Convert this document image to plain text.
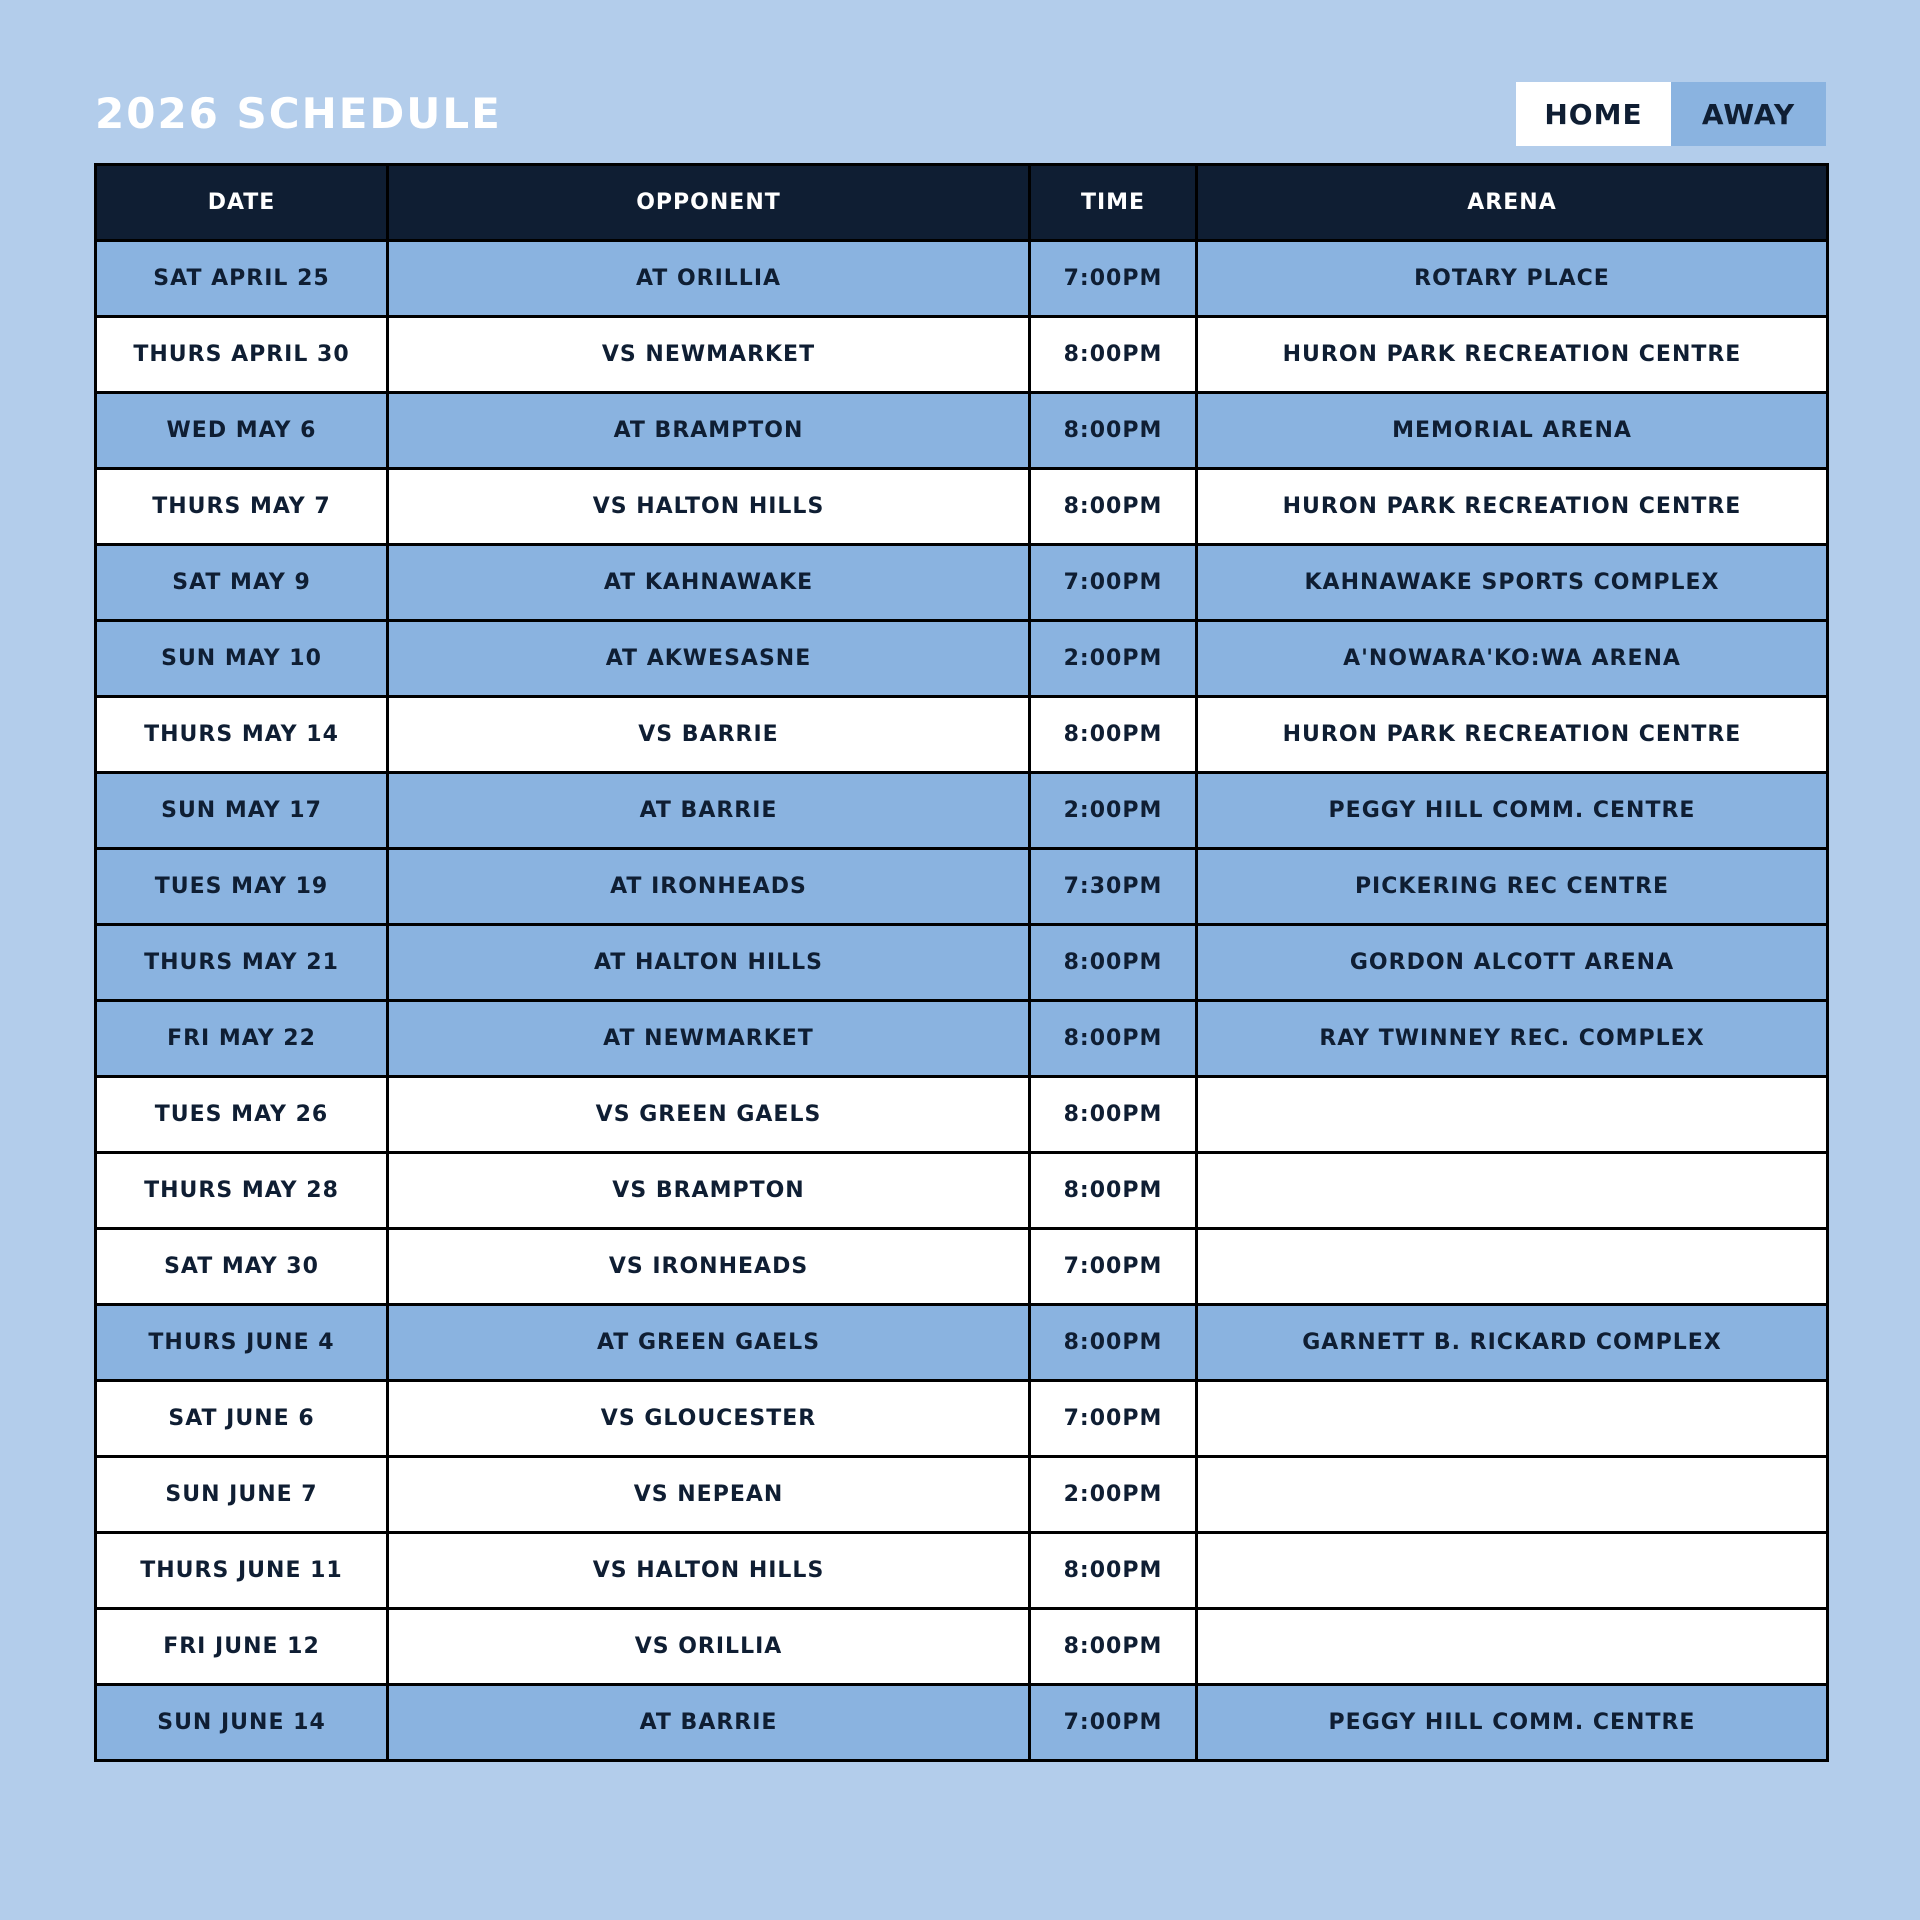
2026 SCHEDULE	HOME	AWAY
DATE	OPPONENT	TIME	ARENA
SAT APRIL 25	AT ORILLIA	7:00PM	ROTARY PLACE
THURS APRIL 30	VS NEWMARKET	8:00PM	HURON PARK RECREATION CENTRE
WED MAY 6	AT BRAMPTON	8:00PM	MEMORIAL ARENA
THURS MAY 7	VS HALTON HILLS	8:00PM	HURON PARK RECREATION CENTRE
SAT MAY 9	AT KAHNAWAKE	7:00PM	KAHNAWAKE SPORTS COMPLEX
SUN MAY 10	AT AKWESASNE	2:00PM	A'NOWARA'KO:WA ARENA
THURS MAY 14	VS BARRIE	8:00PM	HURON PARK RECREATION CENTRE
SUN MAY 17	AT BARRIE	2:00PM	PEGGY HILL COMM. CENTRE
TUES MAY 19	AT IRONHEADS	7:30PM	PICKERING REC CENTRE
THURS MAY 21	AT HALTON HILLS	8:00PM	GORDON ALCOTT ARENA
FRI MAY 22	AT NEWMARKET	8:00PM	RAY TWINNEY REC. COMPLEX
TUES MAY 26	VS GREEN GAELS	8:00PM	
THURS MAY 28	VS BRAMPTON	8:00PM	
SAT MAY 30	VS IRONHEADS	7:00PM	
THURS JUNE 4	AT GREEN GAELS	8:00PM	GARNETT B. RICKARD COMPLEX
SAT JUNE 6	VS GLOUCESTER	7:00PM	
SUN JUNE 7	VS NEPEAN	2:00PM	
THURS JUNE 11	VS HALTON HILLS	8:00PM	
FRI JUNE 12	VS ORILLIA	8:00PM	
SUN JUNE 14	AT BARRIE	7:00PM	PEGGY HILL COMM. CENTRE
